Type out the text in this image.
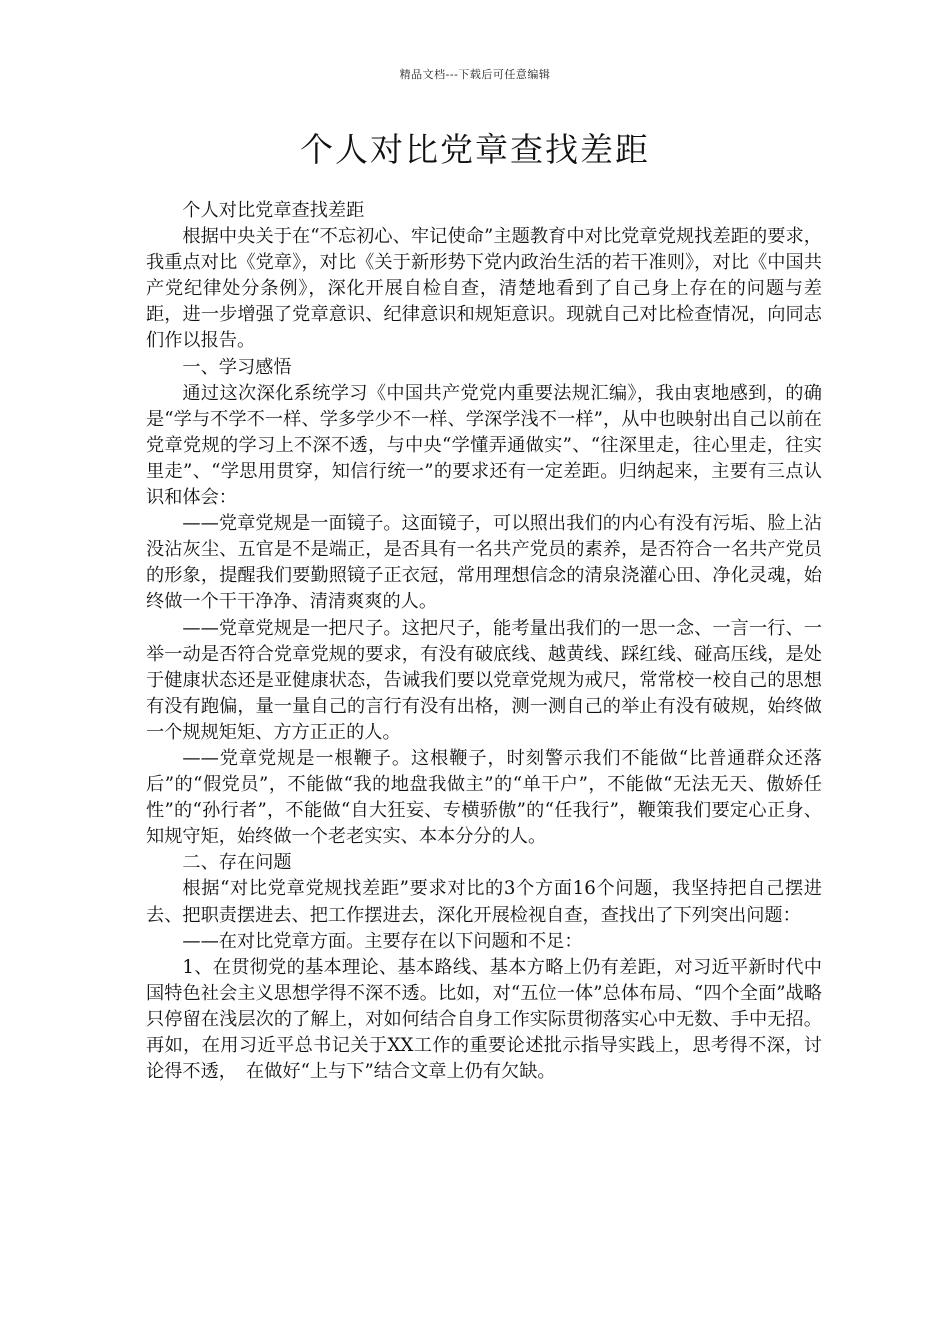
精品文档---下载后可任意编辑
个人对比党章查找差距

个人对比党章查找差距

根据中央关于在“不忘初心、牢记使命”主题教育中对比党章党规找差距的要求，我重点对比《党章》，对比《关于新形势下党内政治生活的若干准则》，对比《中国共产党纪律处分条例》，深化开展自检自查，清楚地看到了自己身上存在的问题与差距，进一步增强了党章意识、纪律意识和规矩意识。现就自己对比检查情况，向同志们作以报告。

一、学习感悟

通过这次深化系统学习《中国共产党党内重要法规汇编》，我由衷地感到，的确是“学与不学不一样、学多学少不一样、学深学浅不一样”，从中也映射出自己以前在党章党规的学习上不深不透，与中央“学懂弄通做实”、“往深里走，往心里走，往实里走”、“学思用贯穿，知信行统一”的要求还有一定差距。归纳起来，主要有三点认识和体会：

——党章党规是一面镜子。这面镜子，可以照出我们的内心有没有污垢、脸上沾没沾灰尘、五官是不是端正，是否具有一名共产党员的素养，是否符合一名共产党员的形象，提醒我们要勤照镜子正衣冠，常用理想信念的清泉浇灌心田、净化灵魂，始终做一个干干净净、清清爽爽的人。

——党章党规是一把尺子。这把尺子，能考量出我们的一思一念、一言一行、一举一动是否符合党章党规的要求，有没有破底线、越黄线、踩红线、碰高压线，是处于健康状态还是亚健康状态，告诫我们要以党章党规为戒尺，常常校一校自己的思想有没有跑偏，量一量自己的言行有没有出格，测一测自己的举止有没有破规，始终做一个规规矩矩、方方正正的人。

——党章党规是一根鞭子。这根鞭子，时刻警示我们不能做“比普通群众还落后”的“假党员”，不能做“我的地盘我做主”的“单干户”，不能做“无法无天、傲娇任性”的“孙行者”，不能做“自大狂妄、专横骄傲”的“任我行”，鞭策我们要定心正身、知规守矩，始终做一个老老实实、本本分分的人。

二、存在问题

根据“对比党章党规找差距”要求对比的3个方面16个问题，我坚持把自己摆进去、把职责摆进去、把工作摆进去，深化开展检视自查，查找出了下列突出问题：

——在对比党章方面。主要存在以下问题和不足：

1、在贯彻党的基本理论、基本路线、基本方略上仍有差距，对习近平新时代中国特色社会主义思想学得不深不透。比如，对“五位一体”总体布局、“四个全面”战略只停留在浅层次的了解上，对如何结合自身工作实际贯彻落实心中无数、手中无招。再如，在用习近平总书记关于XX工作的重要论述批示指导实践上，思考得不深，讨论得不透，　在做好“上与下”结合文章上仍有欠缺。
